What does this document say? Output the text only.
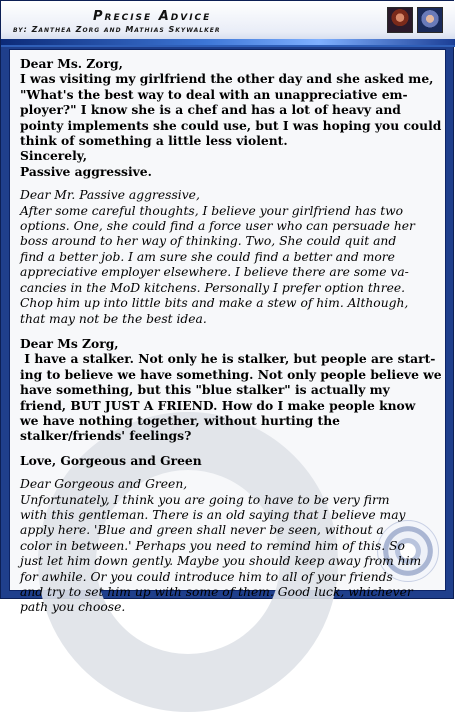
Precise Advice
by: Zanthea Zorg and Mathias Skywalker
Dear Ms. Zorg,
I was visiting my girlfriend the other day and she asked me,
"What's the best way to deal with an unappreciative em-
ployer?" I know she is a chef and has a lot of heavy and
pointy implements she could use, but I was hoping you could
think of something a little less violent.
Sincerely,
Passive aggressive.
Dear Mr. Passive aggressive,
After some careful thoughts, I believe your girlfriend has two
options. One, she could find a force user who can persuade her
boss around to her way of thinking. Two, She could quit and
find a better job. I am sure she could find a better and more
appreciative employer elsewhere. I believe there are some va-
cancies in the MoD kitchens. Personally I prefer option three.
Chop him up into little bits and make a stew of him. Although,
that may not be the best idea.
Dear Ms Zorg,
I have a stalker. Not only he is stalker, but people are start-
ing to believe we have something. Not only people believe we
have something, but this "blue stalker" is actually my
friend, BUT JUST A FRIEND. How do I make people know
we have nothing together, without hurting the
stalker/friends' feelings?
Love, Gorgeous and Green
Dear Gorgeous and Green,
Unfortunately, I think you are going to have to be very firm
with this gentleman. There is an old saying that I believe may
apply here. 'Blue and green shall never be seen, without a
color in between.' Perhaps you need to remind him of this. So
just let him down gently. Maybe you should keep away from him
for awhile. Or you could introduce him to all of your friends
and try to set him up with some of them. Good luck, whichever
path you choose.
